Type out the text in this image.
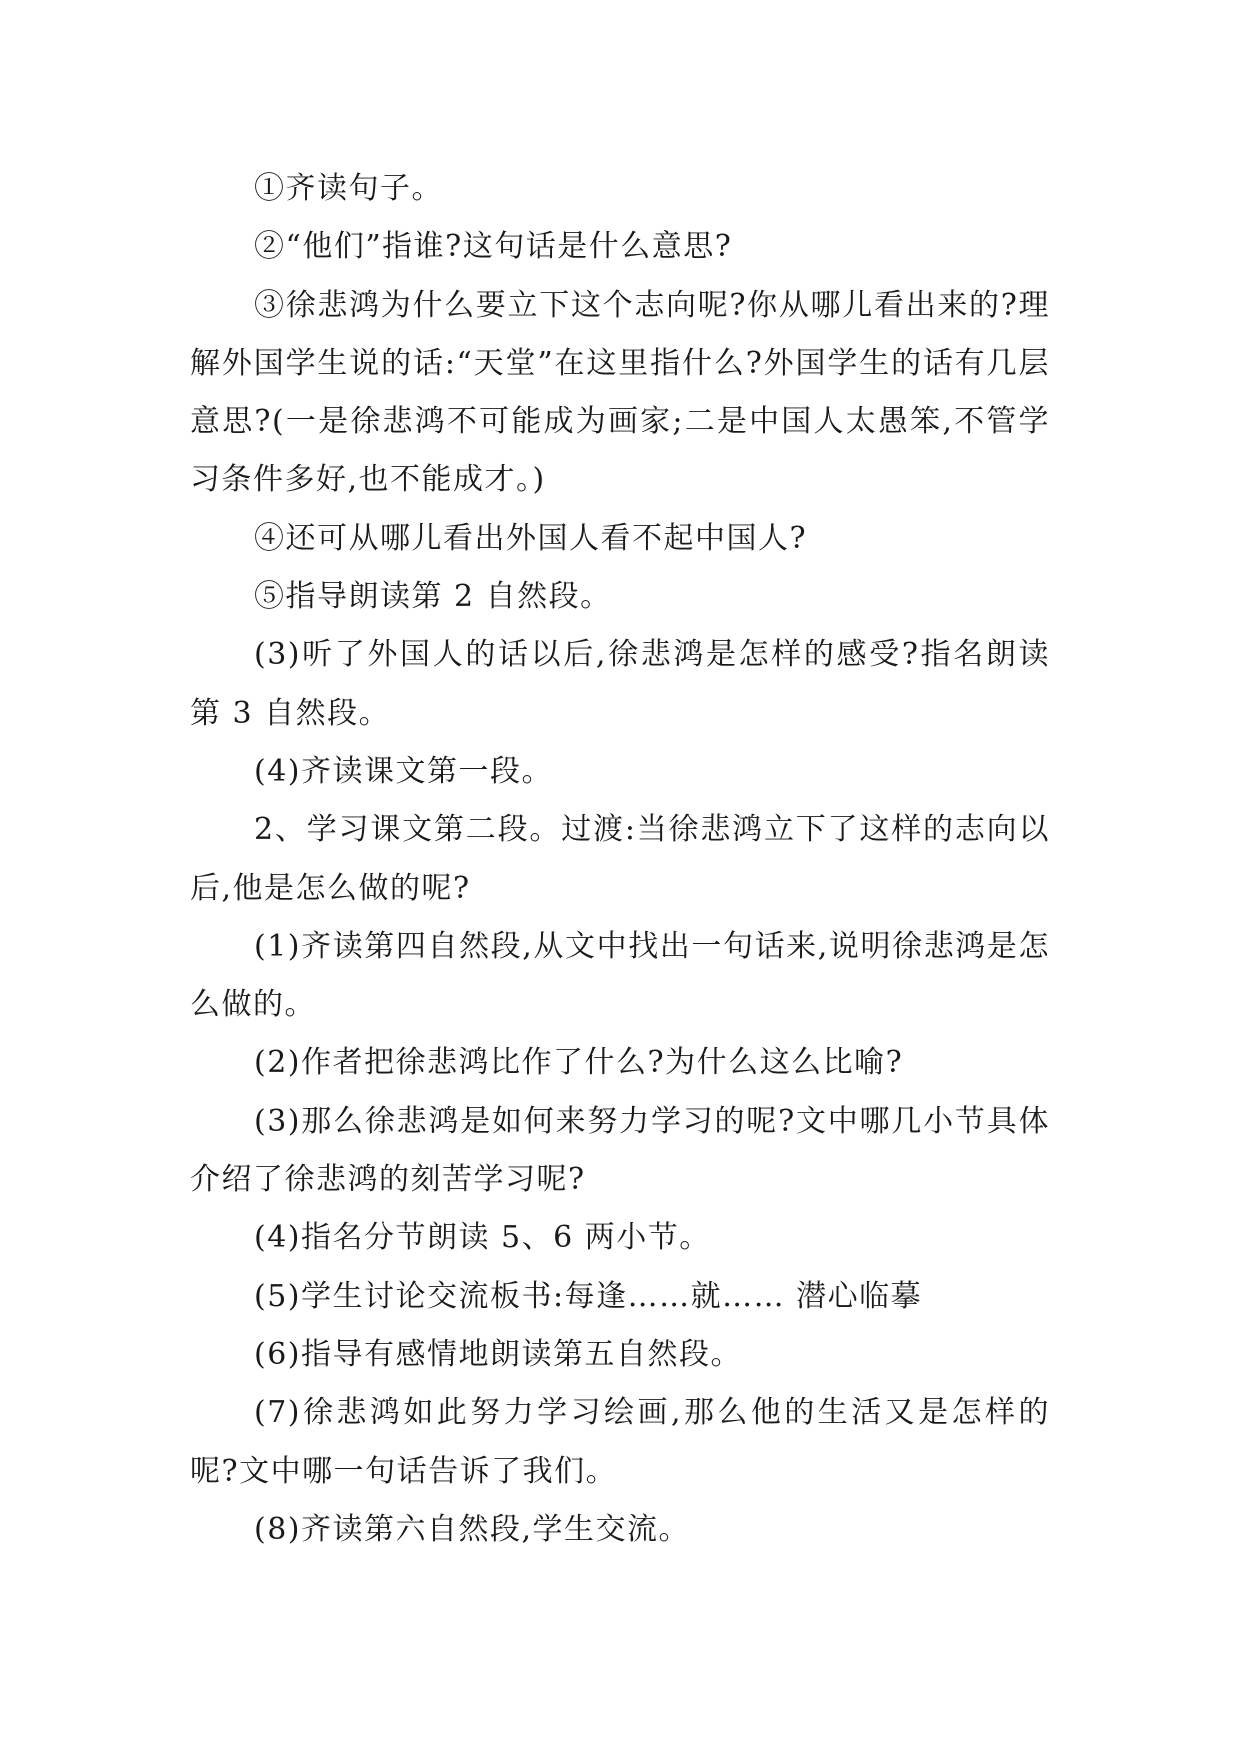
①齐读句子。

②“他们”指谁?这句话是什么意思?

③徐悲鸿为什么要立下这个志向呢?你从哪儿看出来的?理解外国学生说的话:“天堂”在这里指什么?外国学生的话有几层意思?(一是徐悲鸿不可能成为画家;二是中国人太愚笨,不管学习条件多好,也不能成才。)

④还可从哪儿看出外国人看不起中国人?

⑤指导朗读第 2 自然段。

(3)听了外国人的话以后,徐悲鸿是怎样的感受?指名朗读第 3 自然段。

(4)齐读课文第一段。

2、学习课文第二段。过渡:当徐悲鸿立下了这样的志向以后,他是怎么做的呢?

(1)齐读第四自然段,从文中找出一句话来,说明徐悲鸿是怎么做的。

(2)作者把徐悲鸿比作了什么?为什么这么比喻?

(3)那么徐悲鸿是如何来努力学习的呢?文中哪几小节具体介绍了徐悲鸿的刻苦学习呢?

(4)指名分节朗读 5、6 两小节。

(5)学生讨论交流板书:每逢……就…… 潜心临摹

(6)指导有感情地朗读第五自然段。

(7)徐悲鸿如此努力学习绘画,那么他的生活又是怎样的呢?文中哪一句话告诉了我们。

(8)齐读第六自然段,学生交流。
